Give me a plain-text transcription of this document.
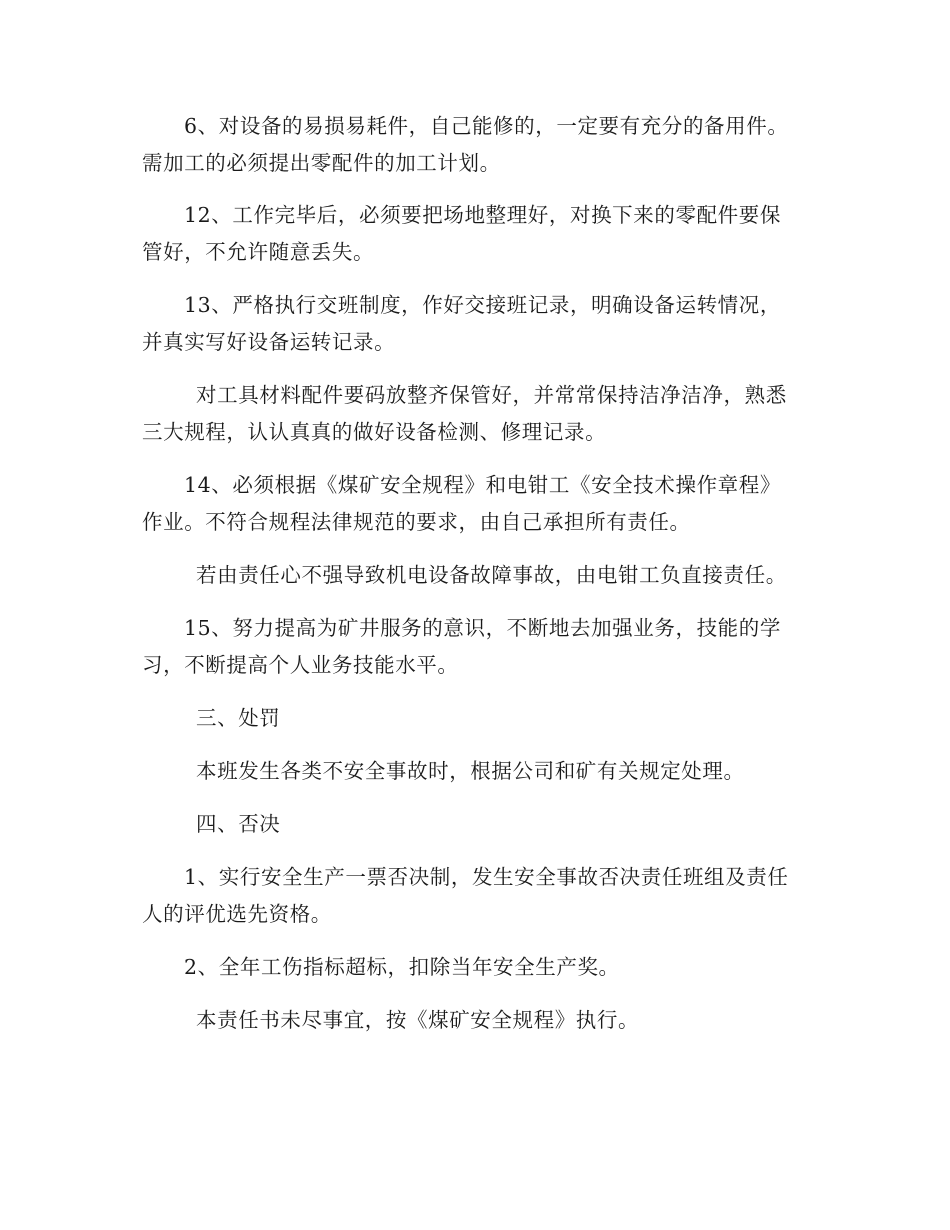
6、对设备的易损易耗件，自己能修的，一定要有充分的备用件。
需加工的必须提出零配件的加工计划。

12、工作完毕后，必须要把场地整理好，对换下来的零配件要保
管好，不允许随意丢失。

13、严格执行交班制度，作好交接班记录，明确设备运转情况，
并真实写好设备运转记录。

对工具材料配件要码放整齐保管好，并常常保持洁净洁净，熟悉
三大规程，认认真真的做好设备检测、修理记录。

14、必须根据《煤矿安全规程》和电钳工《安全技术操作章程》
作业。不符合规程法律规范的要求，由自己承担所有责任。

若由责任心不强导致机电设备故障事故，由电钳工负直接责任。

15、努力提高为矿井服务的意识，不断地去加强业务，技能的学
习，不断提高个人业务技能水平。

三、处罚

本班发生各类不安全事故时，根据公司和矿有关规定处理。

四、否决

1、实行安全生产一票否决制，发生安全事故否决责任班组及责任
人的评优选先资格。

2、全年工伤指标超标，扣除当年安全生产奖。

本责任书未尽事宜，按《煤矿安全规程》执行。
